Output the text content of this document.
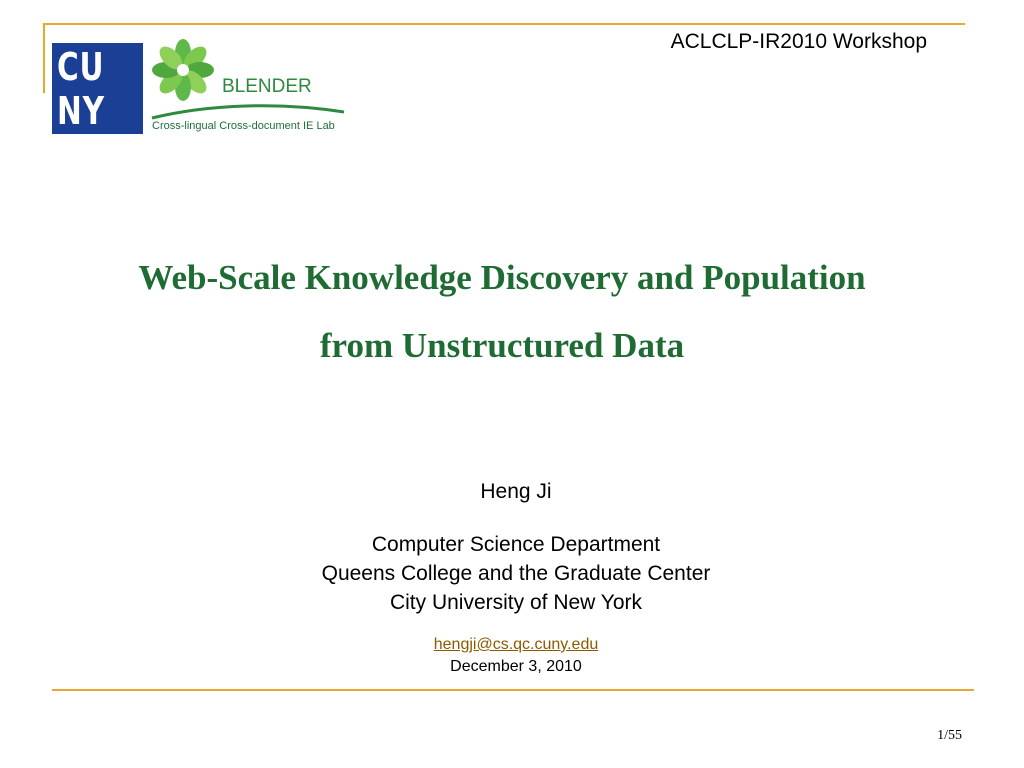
ACLCLP-IR2010 Workshop
CU
NY
BLENDER
Cross-lingual Cross-document IE Lab
Web-Scale Knowledge Discovery and Population
from Unstructured Data
Heng Ji
Computer Science Department
Queens College and the Graduate Center
City University of New York
hengji@cs.qc.cuny.edu
December 3, 2010
1/55
